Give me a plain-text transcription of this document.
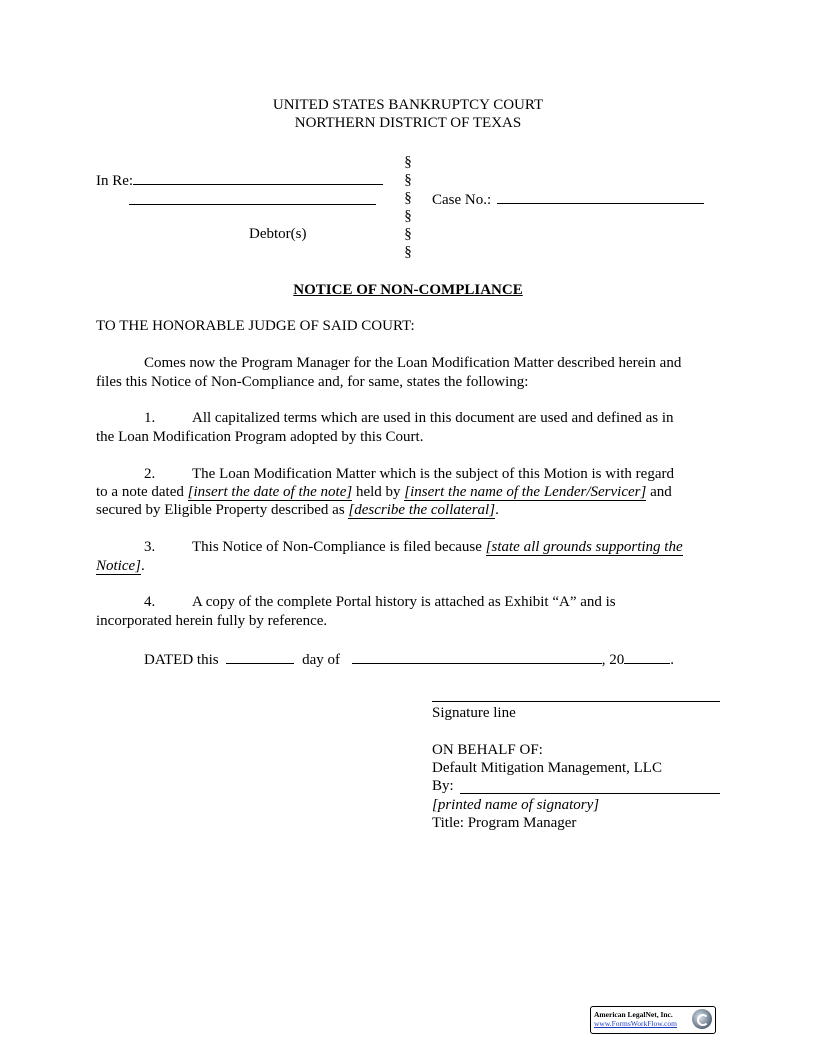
UNITED STATES BANKRUPTCY COURT
NORTHERN DISTRICT OF TEXAS
In Re:
Debtor(s)
§
§
§
§
§
§
Case No.:
NOTICE OF NON-COMPLIANCE
TO THE HONORABLE JUDGE OF SAID COURT:
Comes now the Program Manager for the Loan Modification Matter described herein and
files this Notice of Non-Compliance and, for same, states the following:
1. All capitalized terms which are used in this document are used and defined as in
the Loan Modification Program adopted by this Court.
2. The Loan Modification Matter which is the subject of this Motion is with regard
to a note dated [insert the date of the note] held by [insert the name of the Lender/Servicer] and
secured by Eligible Property described as [describe the collateral].
3. This Notice of Non-Compliance is filed because [state all grounds supporting the
Notice].
4. A copy of the complete Portal history is attached as Exhibit “A” and is
incorporated herein fully by reference.
DATED this	day of	, 20	.
Signature line
ON BEHALF OF:
Default Mitigation Management, LLC
By:
[printed name of signatory]
Title: Program Manager
American LegalNet, Inc.
www.FormsWorkFlow.com
